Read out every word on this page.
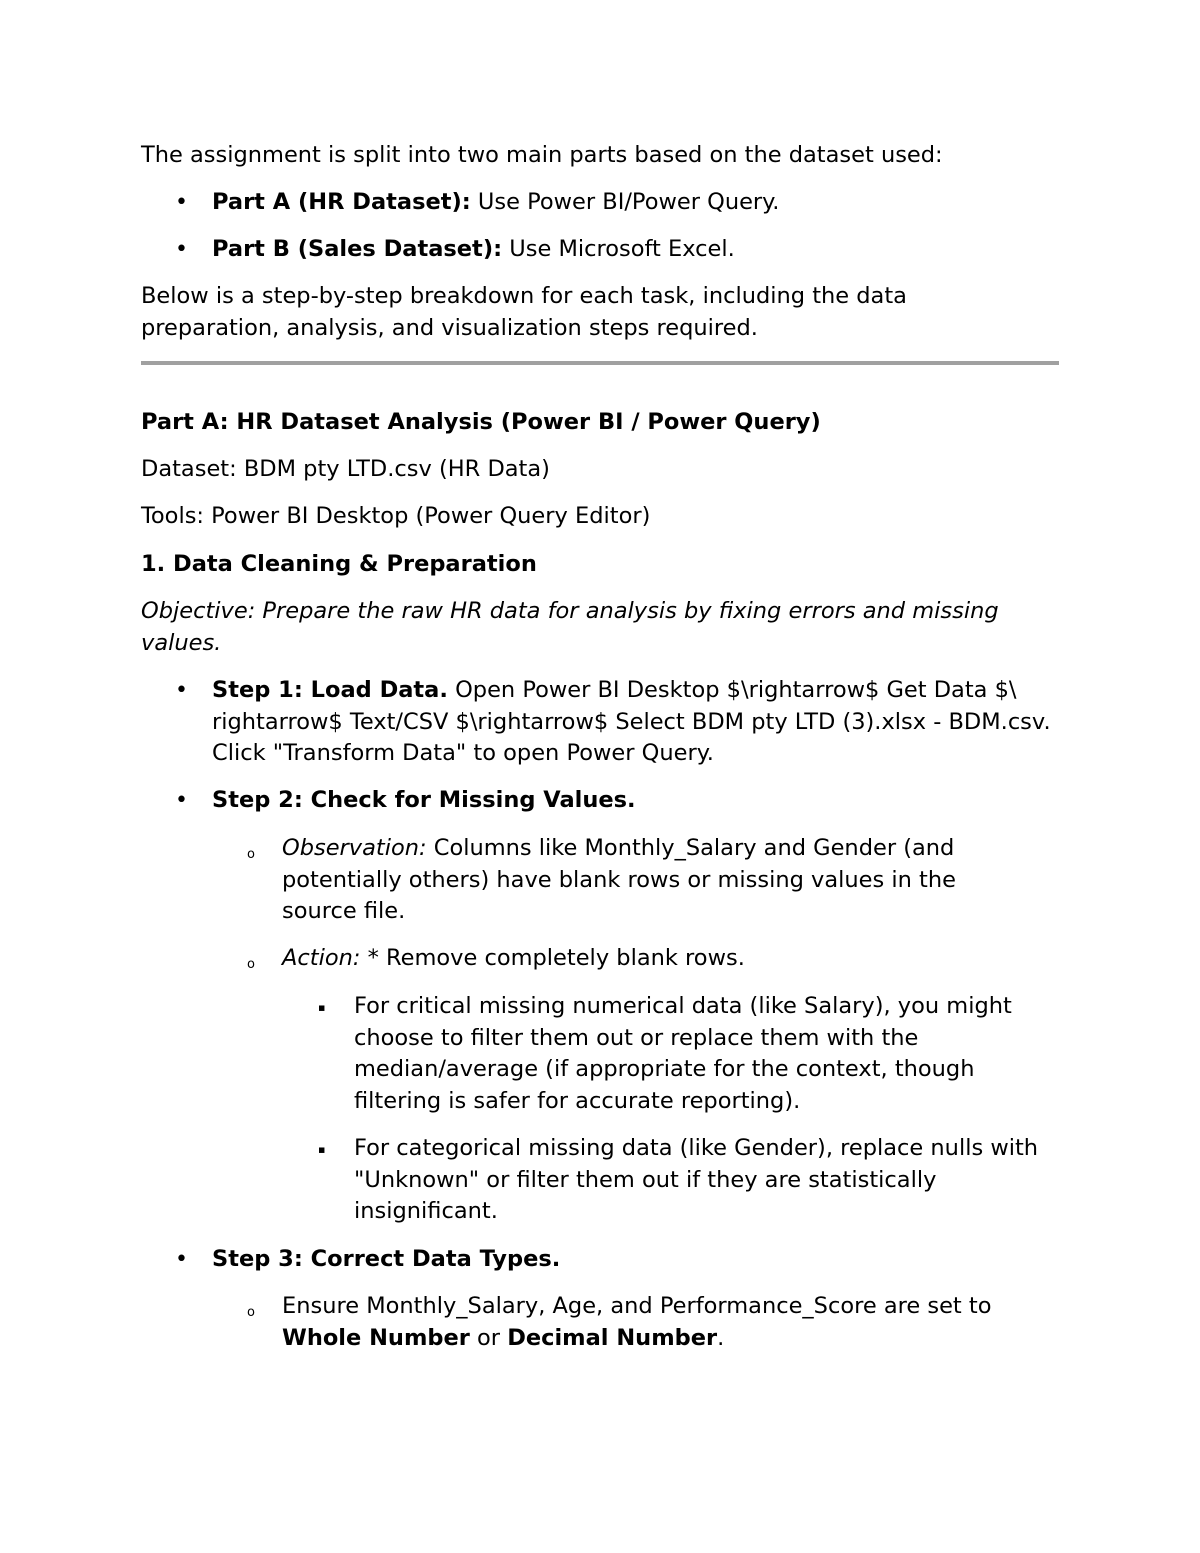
The assignment is split into two main parts based on the dataset used:

• Part A (HR Dataset): Use Power BI/Power Query.
• Part B (Sales Dataset): Use Microsoft Excel.

Below is a step-by-step breakdown for each task, including the data preparation, analysis, and visualization steps required.

Part A: HR Dataset Analysis (Power BI / Power Query)

Dataset: BDM pty LTD.csv (HR Data)

Tools: Power BI Desktop (Power Query Editor)

1. Data Cleaning & Preparation

Objective: Prepare the raw HR data for analysis by fixing errors and missing values.

• Step 1: Load Data. Open Power BI Desktop $\rightarrow$ Get Data $\ rightarrow$ Text/CSV $\rightarrow$ Select BDM pty LTD (3).xlsx - BDM.csv. Click "Transform Data" to open Power Query.
• Step 2: Check for Missing Values.
o Observation: Columns like Monthly_Salary and Gender (and potentially others) have blank rows or missing values in the source file.
o Action: * Remove completely blank rows.
▪ For critical missing numerical data (like Salary), you might choose to filter them out or replace them with the median/average (if appropriate for the context, though filtering is safer for accurate reporting).
▪ For categorical missing data (like Gender), replace nulls with "Unknown" or filter them out if they are statistically insignificant.
• Step 3: Correct Data Types.
o Ensure Monthly_Salary, Age, and Performance_Score are set to Whole Number or Decimal Number.
